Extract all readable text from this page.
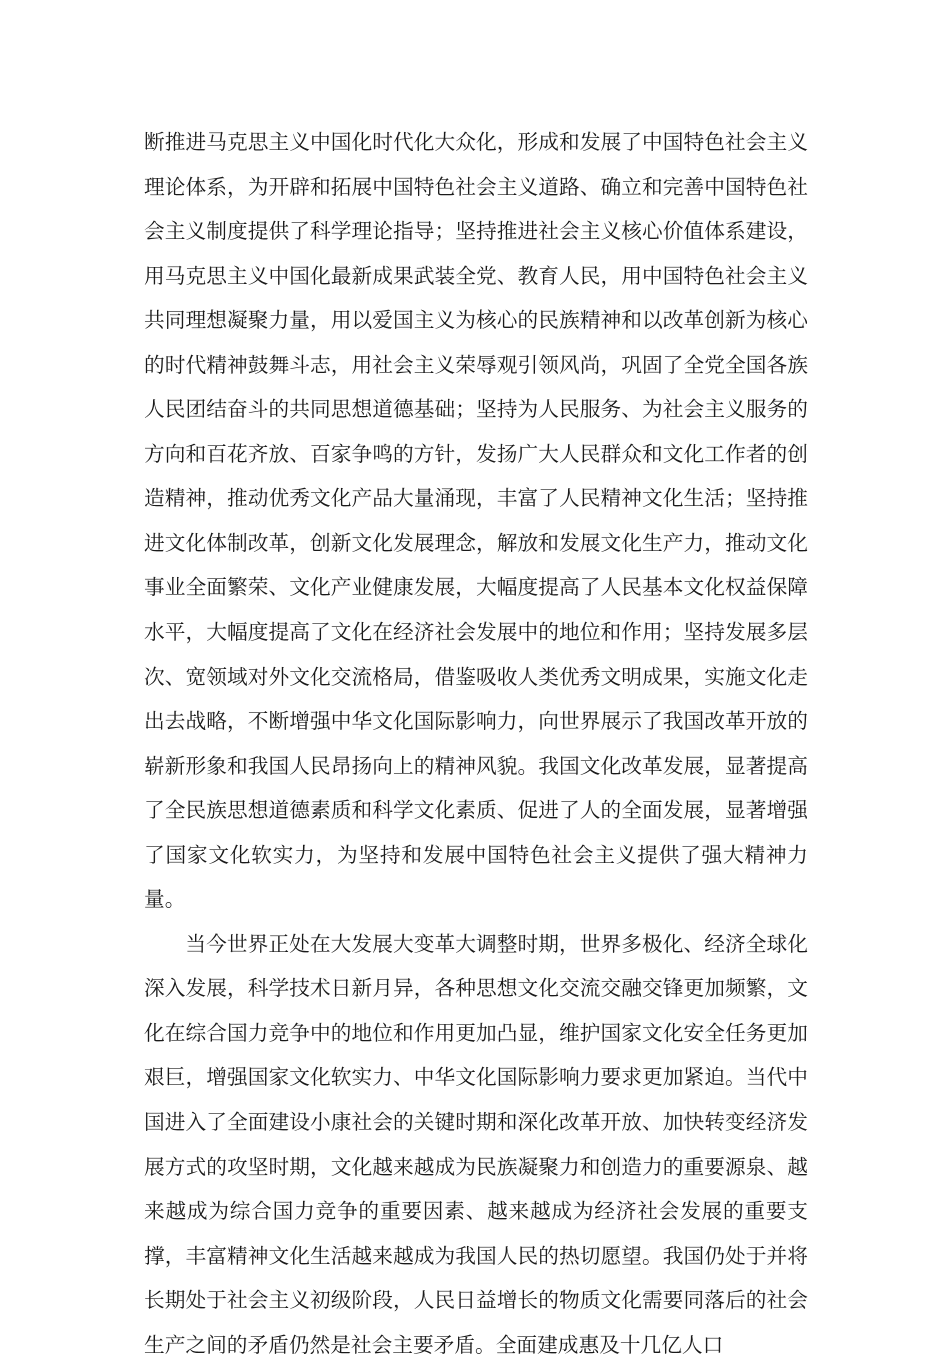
断推进马克思主义中国化时代化大众化，形成和发展了中国特色社会主义理论体系，为开辟和拓展中国特色社会主义道路、确立和完善中国特色社会主义制度提供了科学理论指导；坚持推进社会主义核心价值体系建设，用马克思主义中国化最新成果武装全党、教育人民，用中国特色社会主义共同理想凝聚力量，用以爱国主义为核心的民族精神和以改革创新为核心的时代精神鼓舞斗志，用社会主义荣辱观引领风尚，巩固了全党全国各族人民团结奋斗的共同思想道德基础；坚持为人民服务、为社会主义服务的方向和百花齐放、百家争鸣的方针，发扬广大人民群众和文化工作者的创造精神，推动优秀文化产品大量涌现，丰富了人民精神文化生活；坚持推进文化体制改革，创新文化发展理念，解放和发展文化生产力，推动文化事业全面繁荣、文化产业健康发展，大幅度提高了人民基本文化权益保障水平，大幅度提高了文化在经济社会发展中的地位和作用；坚持发展多层次、宽领域对外文化交流格局，借鉴吸收人类优秀文明成果，实施文化走出去战略，不断增强中华文化国际影响力，向世界展示了我国改革开放的崭新形象和我国人民昂扬向上的精神风貌。我国文化改革发展，显著提高了全民族思想道德素质和科学文化素质、促进了人的全面发展，显著增强了国家文化软实力，为坚持和发展中国特色社会主义提供了强大精神力量。

当今世界正处在大发展大变革大调整时期，世界多极化、经济全球化深入发展，科学技术日新月异，各种思想文化交流交融交锋更加频繁，文化在综合国力竞争中的地位和作用更加凸显，维护国家文化安全任务更加艰巨，增强国家文化软实力、中华文化国际影响力要求更加紧迫。当代中国进入了全面建设小康社会的关键时期和深化改革开放、加快转变经济发展方式的攻坚时期，文化越来越成为民族凝聚力和创造力的重要源泉、越来越成为综合国力竞争的重要因素、越来越成为经济社会发展的重要支撑，丰富精神文化生活越来越成为我国人民的热切愿望。我国仍处于并将长期处于社会主义初级阶段，人民日益增长的物质文化需要同落后的社会生产之间的矛盾仍然是社会主要矛盾。全面建成惠及十几亿人口
